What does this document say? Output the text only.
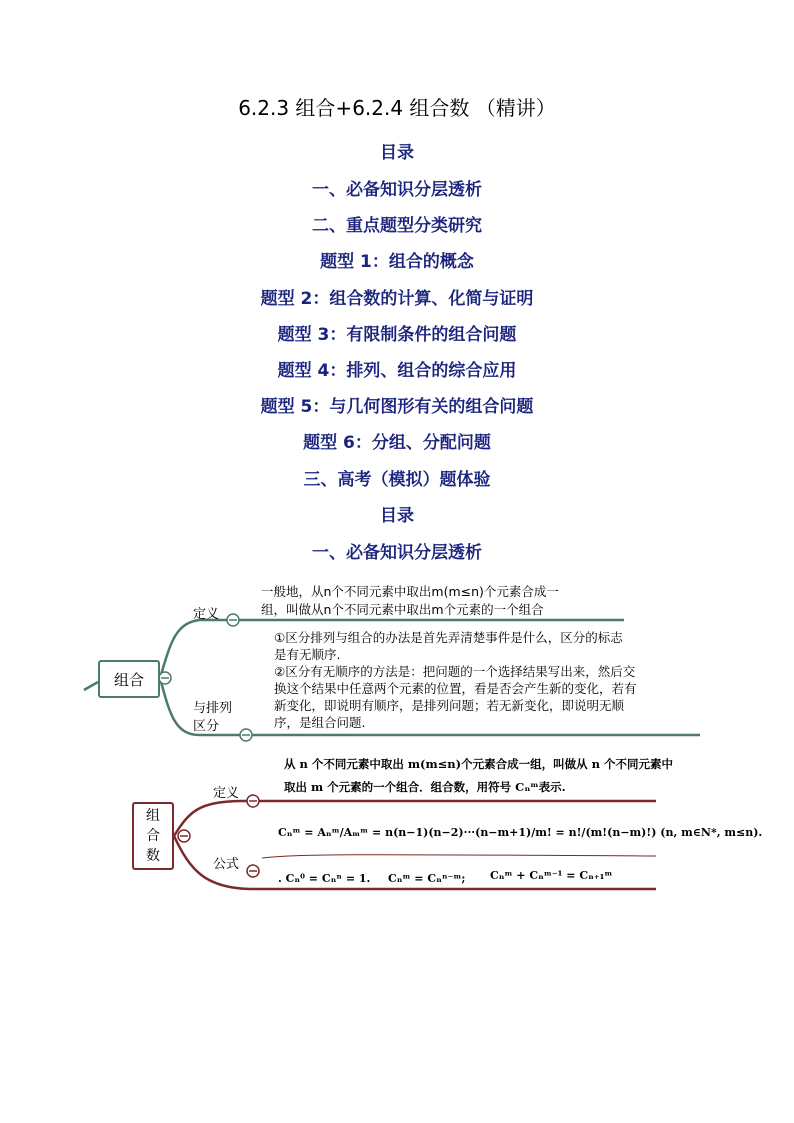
6.2.3 组合+6.2.4 组合数 （精讲）
目录
一、必备知识分层透析
二、重点题型分类研究
题型 1：组合的概念
题型 2：组合数的计算、化简与证明
题型 3：有限制条件的组合问题
题型 4：排列、组合的综合应用
题型 5：与几何图形有关的组合问题
题型 6：分组、分配问题
三、高考（模拟）题体验
目录
一、必备知识分层透析
组合
定义
一般地，从n个不同元素中取出m(m≤n)个元素合成一
组，叫做从n个不同元素中取出m个元素的一个组合
与排列
区分
①区分排列与组合的办法是首先弄清楚事件是什么，区分的标志
是有无顺序.
②区分有无顺序的方法是：把问题的一个选择结果写出来，然后交
换这个结果中任意两个元素的位置，看是否会产生新的变化，若有
新变化，即说明有顺序，是排列问题；若无新变化，即说明无顺
序，是组合问题.
组
合
数
定义
从 n 个不同元素中取出 m(m≤n)个元素合成一组，叫做从 n 个不同元素中
取出 m 个元素的一个组合．组合数，用符号 Cₙᵐ表示.
公式
Cₙᵐ = Aₙᵐ/Aₘᵐ = n(n−1)(n−2)···(n−m+1)/m! = n!/(m!(n−m)!) (n, m∈N*, m≤n).
. Cₙ⁰ = Cₙⁿ = 1. Cₙᵐ = Cₙⁿ⁻ᵐ; Cₙᵐ + Cₙᵐ⁻¹ = Cₙ₊₁ᵐ
